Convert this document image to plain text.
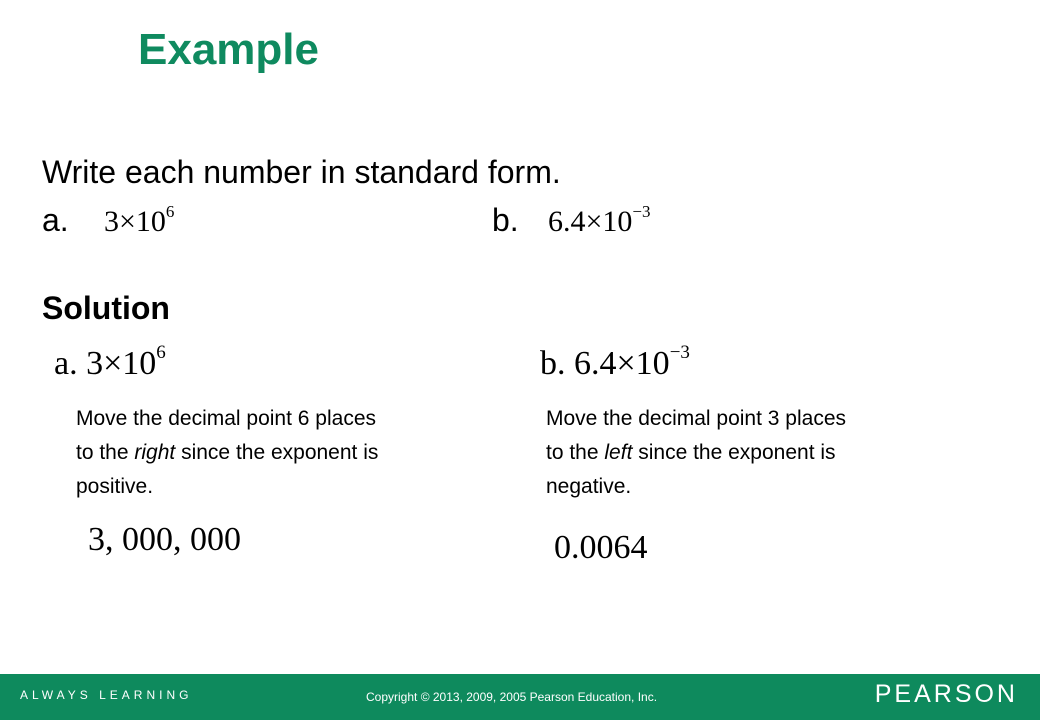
Example
Write each number in standard form.
a. $3\times 10^6$	b. $6.4\times 10^{-3}$
Solution
a. $3\times 10^6$
Move the decimal point 6 places to the right since the exponent is positive.
3, 000, 000
b. $6.4\times 10^{-3}$
Move the decimal point 3 places to the left since the exponent is negative.
0.0064
ALWAYS LEARNING	Copyright © 2013, 2009, 2005 Pearson Education, Inc.	PEARSON
